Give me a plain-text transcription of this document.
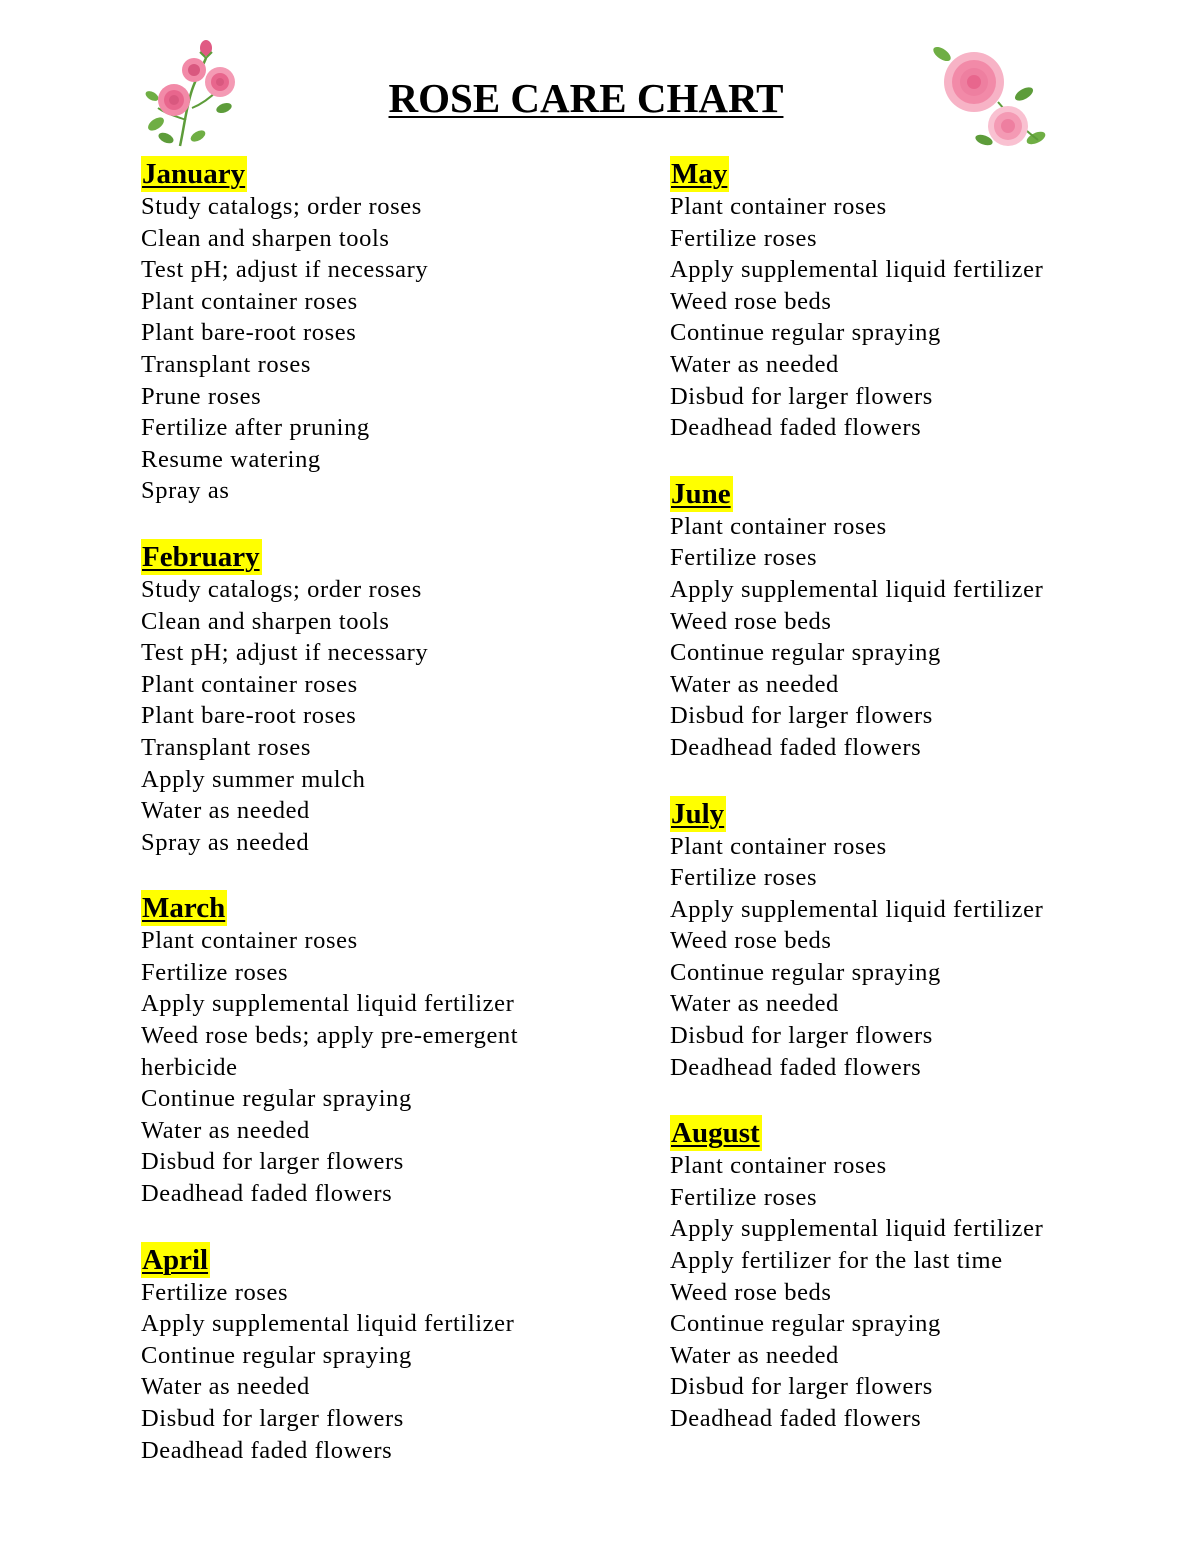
ROSE CARE CHART
January
Study catalogs; order roses
Clean and sharpen tools
Test pH; adjust if necessary
Plant container roses
Plant bare-root roses
Transplant roses
Prune roses
Fertilize after pruning
Resume watering
Spray as
February
Study catalogs; order roses
Clean and sharpen tools
Test pH; adjust if necessary
Plant container roses
Plant bare-root roses
Transplant roses
Apply summer mulch
Water as needed
Spray as needed
March
Plant container roses
Fertilize roses
Apply supplemental liquid fertilizer
Weed rose beds; apply pre-emergent herbicide
Continue regular spraying
Water as needed
Disbud for larger flowers
Deadhead faded flowers
April
Fertilize roses
Apply supplemental liquid fertilizer
Continue regular spraying
Water as needed
Disbud for larger flowers
Deadhead faded flowers
May
Plant container roses
Fertilize roses
Apply supplemental liquid fertilizer
Weed rose beds
Continue regular spraying
Water as needed
Disbud for larger flowers
Deadhead faded flowers
June
Plant container roses
Fertilize roses
Apply supplemental liquid fertilizer
Weed rose beds
Continue regular spraying
Water as needed
Disbud for larger flowers
Deadhead faded flowers
July
Plant container roses
Fertilize roses
Apply supplemental liquid fertilizer
Weed rose beds
Continue regular spraying
Water as needed
Disbud for larger flowers
Deadhead faded flowers
August
Plant container roses
Fertilize roses
Apply supplemental liquid fertilizer
Apply fertilizer for the last time
Weed rose beds
Continue regular spraying
Water as needed
Disbud for larger flowers
Deadhead faded flowers
